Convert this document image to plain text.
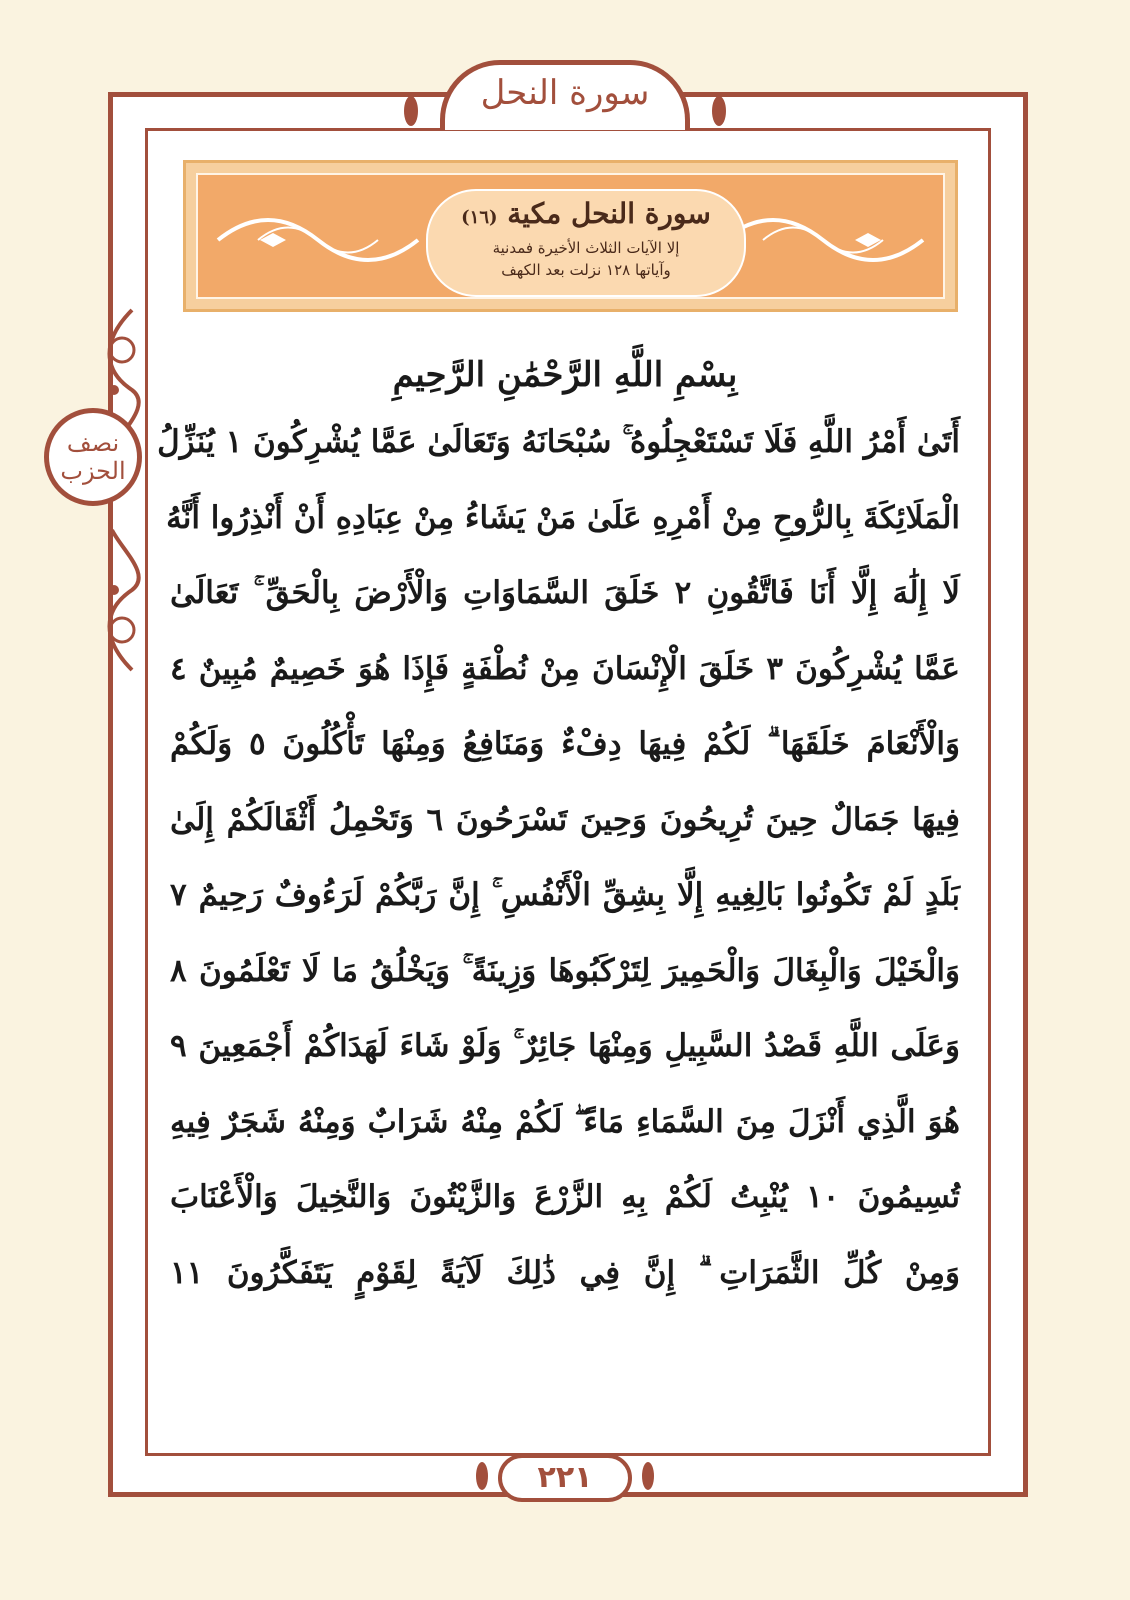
سورة النحل
نصف
الحزب
سورة النحل مكية (١٦)
إلا الآيات الثلاث الأخيرة فمدنية
وآياتها ١٢٨ نزلت بعد الكهف
بِسْمِ اللَّهِ الرَّحْمَٰنِ الرَّحِيمِ
أَتَىٰ أَمْرُ اللَّهِ فَلَا تَسْتَعْجِلُوهُ ۚ سُبْحَانَهُ وَتَعَالَىٰ عَمَّا يُشْرِكُونَ ١ يُنَزِّلُ
الْمَلَائِكَةَ بِالرُّوحِ مِنْ أَمْرِهِ عَلَىٰ مَنْ يَشَاءُ مِنْ عِبَادِهِ أَنْ أَنْذِرُوا أَنَّهُ
لَا إِلَٰهَ إِلَّا أَنَا فَاتَّقُونِ ٢ خَلَقَ السَّمَاوَاتِ وَالْأَرْضَ بِالْحَقِّ ۚ تَعَالَىٰ
عَمَّا يُشْرِكُونَ ٣ خَلَقَ الْإِنْسَانَ مِنْ نُطْفَةٍ فَإِذَا هُوَ خَصِيمٌ مُبِينٌ ٤
وَالْأَنْعَامَ خَلَقَهَا ۗ لَكُمْ فِيهَا دِفْءٌ وَمَنَافِعُ وَمِنْهَا تَأْكُلُونَ ٥ وَلَكُمْ
فِيهَا جَمَالٌ حِينَ تُرِيحُونَ وَحِينَ تَسْرَحُونَ ٦ وَتَحْمِلُ أَثْقَالَكُمْ إِلَىٰ
بَلَدٍ لَمْ تَكُونُوا بَالِغِيهِ إِلَّا بِشِقِّ الْأَنْفُسِ ۚ إِنَّ رَبَّكُمْ لَرَءُوفٌ رَحِيمٌ ٧
وَالْخَيْلَ وَالْبِغَالَ وَالْحَمِيرَ لِتَرْكَبُوهَا وَزِينَةً ۚ وَيَخْلُقُ مَا لَا تَعْلَمُونَ ٨
وَعَلَى اللَّهِ قَصْدُ السَّبِيلِ وَمِنْهَا جَائِرٌ ۚ وَلَوْ شَاءَ لَهَدَاكُمْ أَجْمَعِينَ ٩
هُوَ الَّذِي أَنْزَلَ مِنَ السَّمَاءِ مَاءً ۖ لَكُمْ مِنْهُ شَرَابٌ وَمِنْهُ شَجَرٌ فِيهِ
تُسِيمُونَ ١٠ يُنْبِتُ لَكُمْ بِهِ الزَّرْعَ وَالزَّيْتُونَ وَالنَّخِيلَ وَالْأَعْنَابَ
وَمِنْ كُلِّ الثَّمَرَاتِ ۗ إِنَّ فِي ذَٰلِكَ لَآيَةً لِقَوْمٍ يَتَفَكَّرُونَ ١١
٢٢١
